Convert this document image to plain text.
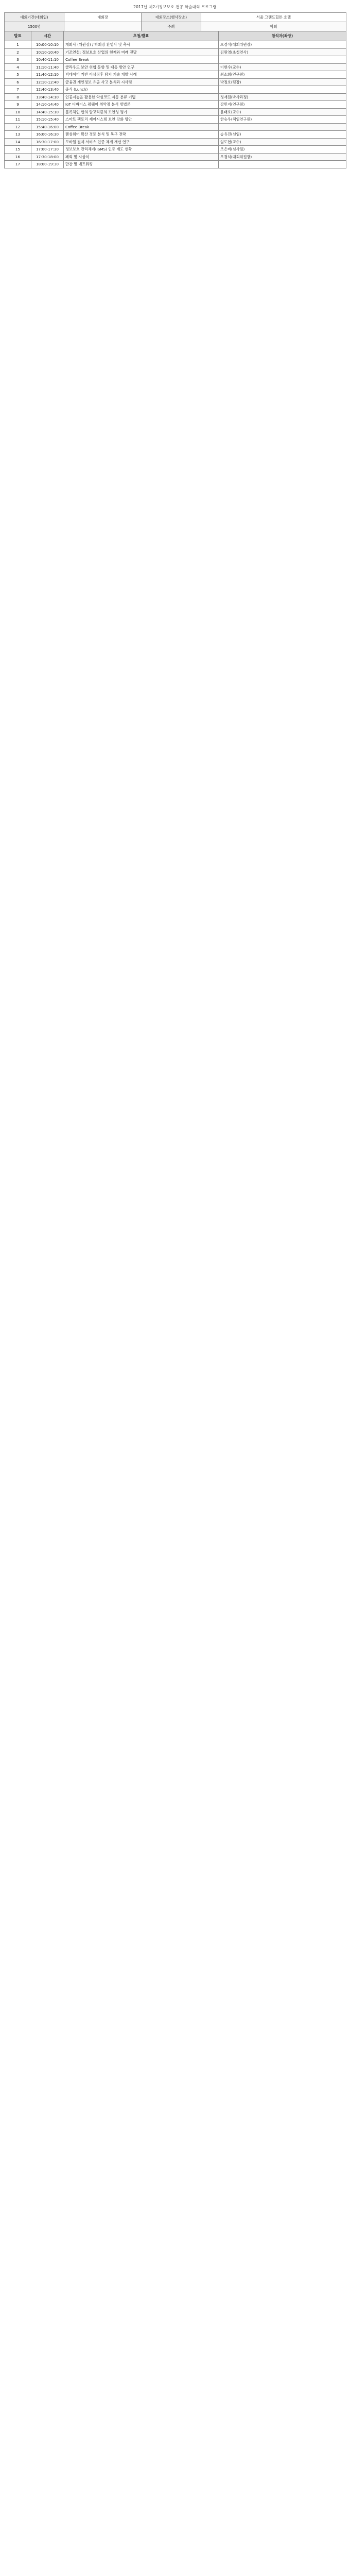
2017년 제2기정보보호 전공 학술대회 프로그램
대회기간(대회일)	대회장	대회장소(행사장소)	서울 그랜드힐튼 호텔
1500명		주최	학회
발표	시간	초청/발표	참석자(좌장)
1	10:00-10:10	개회사 (위원장) / 학회장 환영사 및 축사	오경석(대회위원장)
2	10:10-10:40	기조연설: 정보보호 산업의 현재와 미래 전망	김원영(초청연사)
3	10:40-11:10	Coffee Break	
4	11:10-11:40	클라우드 보안 위협 동향 및 대응 방안 연구	이현수(교수)
5	11:40-12:10	빅데이터 기반 이상징후 탐지 기술 개발 사례	최소희(연구원)
6	12:10-12:40	금융권 개인정보 유출 사고 분석과 시사점	박정호(팀장)
7	12:40-13:40	중식 (Lunch)	
8	13:40-14:10	인공지능을 활용한 악성코드 자동 분류 기법	정재원(박사과정)
9	14:10-14:40	IoT 디바이스 펌웨어 취약점 분석 방법론	강민지(연구원)
10	14:40-15:10	블록체인 합의 알고리즘의 보안성 평가	윤태호(교수)
11	15:10-15:40	스마트 팩토리 제어시스템 보안 강화 방안	한승우(책임연구원)
12	15:40-16:00	Coffee Break	
13	16:00-16:30	랜섬웨어 확산 경로 분석 및 복구 전략	송유진(선임)
14	16:30-17:00	모바일 결제 서비스 인증 체계 개선 연구	임도현(교수)
15	17:00-17:30	정보보호 관리체계(ISMS) 인증 제도 현황	조은비(심사원)
16	17:30-18:00	폐회 및 시상식	오경석(대회위원장)
17	18:00-19:30	만찬 및 네트워킹	
